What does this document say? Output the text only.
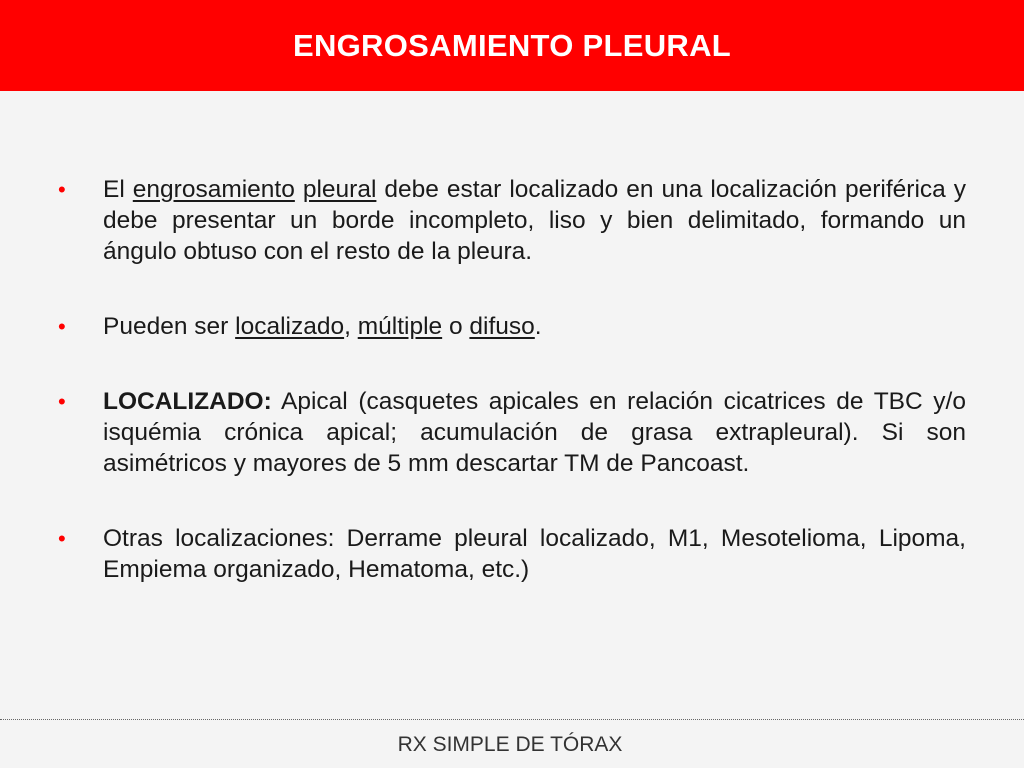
ENGROSAMIENTO PLEURAL

• El engrosamiento pleural debe estar localizado en una localización periférica y debe presentar un borde incompleto, liso y bien delimitado, formando un ángulo obtuso con el resto de la pleura.

• Pueden ser localizado, múltiple o difuso.

• LOCALIZADO: Apical (casquetes apicales en relación cicatrices de TBC y/o isquémia crónica apical; acumulación de grasa extrapleural). Si son asimétricos y mayores de 5 mm descartar TM de Pancoast.

• Otras localizaciones: Derrame pleural localizado, M1, Mesotelioma, Lipoma, Empiema organizado, Hematoma, etc.)

RX SIMPLE DE TÓRAX
